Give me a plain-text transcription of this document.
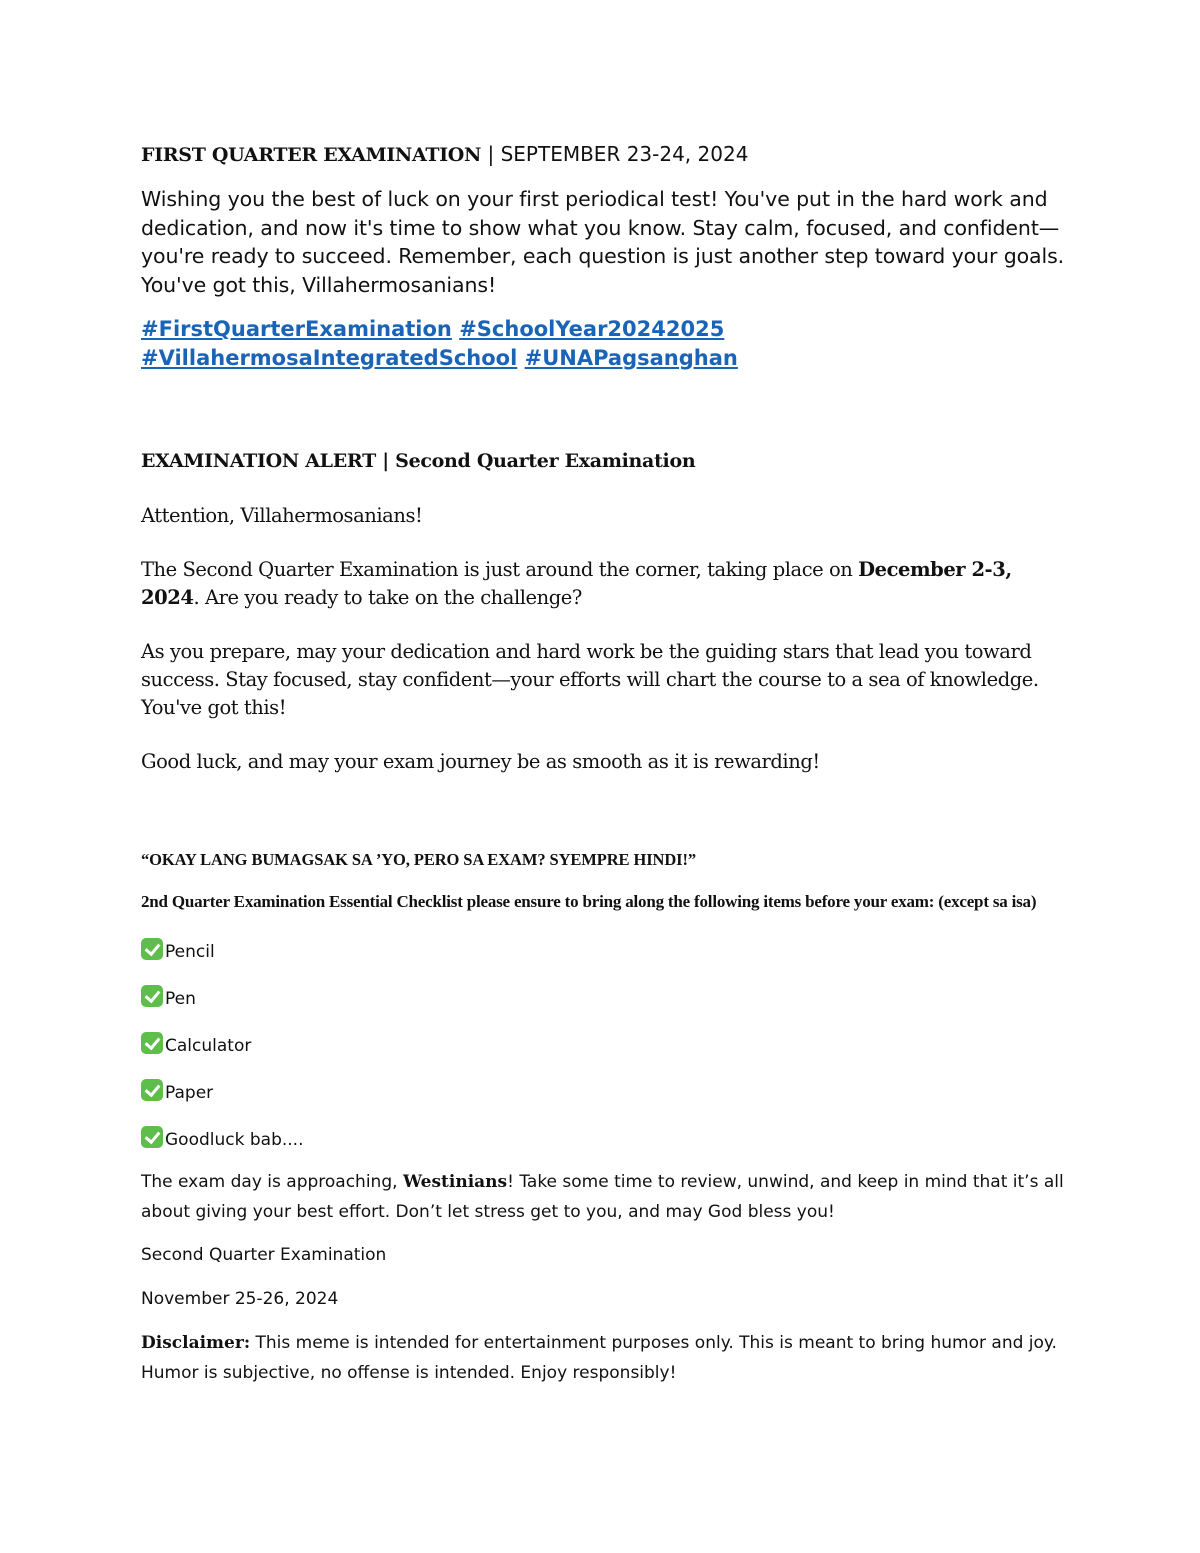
FIRST QUARTER EXAMINATION | SEPTEMBER 23-24, 2024

Wishing you the best of luck on your first periodical test! You've put in the hard work and dedication, and now it's time to show what you know. Stay calm, focused, and confident—you're ready to succeed. Remember, each question is just another step toward your goals. You've got this, Villahermosanians!

#FirstQuarterExamination #SchoolYear20242025
#VillahermosaIntegratedSchool #UNAPagsanghan

EXAMINATION ALERT | Second Quarter Examination

Attention, Villahermosanians!

The Second Quarter Examination is just around the corner, taking place on December 2-3, 2024. Are you ready to take on the challenge?

As you prepare, may your dedication and hard work be the guiding stars that lead you toward success. Stay focused, stay confident—your efforts will chart the course to a sea of knowledge. You've got this!

Good luck, and may your exam journey be as smooth as it is rewarding!

“OKAY LANG BUMAGSAK SA ’YO, PERO SA EXAM? SYEMPRE HINDI!”

2nd Quarter Examination Essential Checklist please ensure to bring along the following items before your exam: (except sa isa)

Pencil
Pen
Calculator
Paper
Goodluck bab....

The exam day is approaching, Westinians! Take some time to review, unwind, and keep in mind that it’s all about giving your best effort. Don’t let stress get to you, and may God bless you!

Second Quarter Examination

November 25-26, 2024

Disclaimer: This meme is intended for entertainment purposes only. This is meant to bring humor and joy. Humor is subjective, no offense is intended. Enjoy responsibly!
